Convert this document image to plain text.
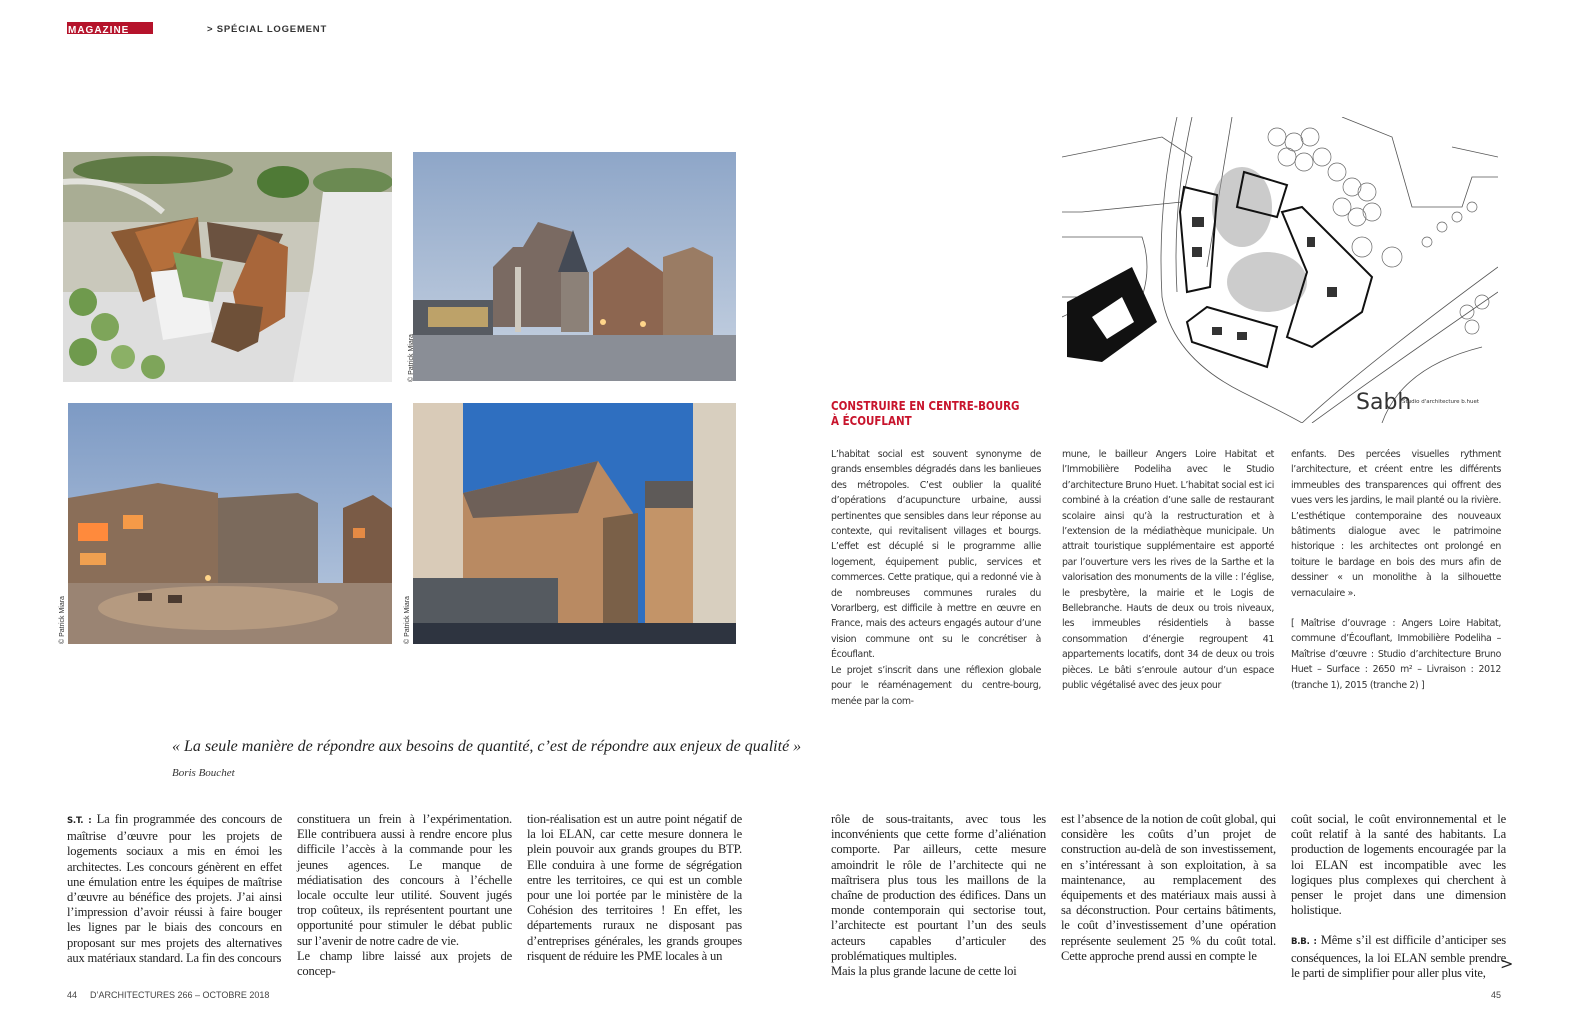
MAGAZINE	> SPÉCIAL LOGEMENT
© Patrick Miara
© Patrick Miara	© Patrick Miara
Sabh
Studio d'architecture b.huet
CONSTRUIRE EN CENTRE-BOURG
À ÉCOUFLANT

L’habitat social est souvent synonyme de grands ensembles dégradés dans les banlieues des métropoles. C’est oublier la qualité d’opérations d’acupuncture urbaine, aussi pertinentes que sensibles dans leur réponse au contexte, qui revitalisent villages et bourgs. L’effet est décuplé si le programme allie logement, équipement public, services et commerces. Cette pratique, qui a redonné vie à de nombreuses communes rurales du Vorarlberg, est difficile à mettre en œuvre en France, mais des acteurs engagés autour d’une vision commune ont su le concrétiser à Écouflant.

Le projet s’inscrit dans une réflexion globale pour le réaménagement du centre-bourg, menée par la com-

mune, le bailleur Angers Loire Habitat et l’Immobilière Podeliha avec le Studio d’architecture Bruno Huet. L’habitat social est ici combiné à la création d’une salle de restaurant scolaire ainsi qu’à la restructuration et à l’extension de la médiathèque municipale. Un attrait touristique supplémentaire est apporté par l’ouverture vers les rives de la Sarthe et la valorisation des monuments de la ville : l’église, le presbytère, la mairie et le Logis de Bellebranche. Hauts de deux ou trois niveaux, les immeubles résidentiels à basse consommation d’énergie regroupent 41 appartements locatifs, dont 34 de deux ou trois pièces. Le bâti s’enroule autour d’un espace public végétalisé avec des jeux pour

enfants. Des percées visuelles rythment l’architecture, et créent entre les différents immeubles des transparences qui offrent des vues vers les jardins, le mail planté ou la rivière. L’esthétique contemporaine des nouveaux bâtiments dialogue avec le patrimoine historique : les architectes ont prolongé en toiture le bardage en bois des murs afin de dessiner « un monolithe à la silhouette vernaculaire ».

[ Maîtrise d’ouvrage : Angers Loire Habitat, commune d’Écouflant, Immobilière Podeliha – Maîtrise d’œuvre : Studio d’architecture Bruno Huet – Surface : 2650 m² – Livraison : 2012 (tranche 1), 2015 (tranche 2) ]

« La seule manière de répondre aux besoins de quantité, c’est de répondre aux enjeux de qualité »
Boris Bouchet

S.T. : La fin programmée des concours de maîtrise d’œuvre pour les projets de logements sociaux a mis en émoi les architectes. Les concours génèrent en effet une émulation entre les équipes de maîtrise d’œuvre au bénéfice des projets. J’ai ainsi l’impression d’avoir réussi à faire bouger les lignes par le biais des concours en proposant sur mes projets des alternatives aux matériaux standard. La fin des concours

constituera un frein à l’expérimentation. Elle contribuera aussi à rendre encore plus difficile l’accès à la commande pour les jeunes agences. Le manque de médiatisation des concours à l’échelle locale occulte leur utilité. Souvent jugés trop coûteux, ils représentent pourtant une opportunité pour stimuler le débat public sur l’avenir de notre cadre de vie.

Le champ libre laissé aux projets de concep-

tion-réalisation est un autre point négatif de la loi ELAN, car cette mesure donnera le plein pouvoir aux grands groupes du BTP. Elle conduira à une forme de ségrégation entre les territoires, ce qui est un comble pour une loi portée par le ministère de la Cohésion des territoires ! En effet, les départements ruraux ne disposant pas d’entreprises générales, les grands groupes risquent de réduire les PME locales à un

rôle de sous-traitants, avec tous les inconvénients que cette forme d’aliénation comporte. Par ailleurs, cette mesure amoindrit le rôle de l’architecte qui ne maîtrisera plus tous les maillons de la chaîne de production des édifices. Dans un monde contemporain qui sectorise tout, l’architecte est pourtant l’un des seuls acteurs capables d’articuler des problématiques multiples.

Mais la plus grande lacune de cette loi

est l’absence de la notion de coût global, qui considère les coûts d’un projet de construction au-delà de son investissement, en s’intéressant à son exploitation, à sa maintenance, au remplacement des équipements et des matériaux mais aussi à sa déconstruction. Pour certains bâtiments, le coût d’investissement d’une opération représente seulement 25 % du coût total. Cette approche prend aussi en compte le

coût social, le coût environnemental et le coût relatif à la santé des habitants. La production de logements encouragée par la loi ELAN est incompatible avec les logiques plus complexes qui cherchent à penser le projet dans une dimension holistique.

B.B. : Même s’il est difficile d’anticiper ses conséquences, la loi ELAN semble prendre le parti de simplifier pour aller plus vite, >
44 D’ARCHITECTURES 266 – OCTOBRE 2018	45
